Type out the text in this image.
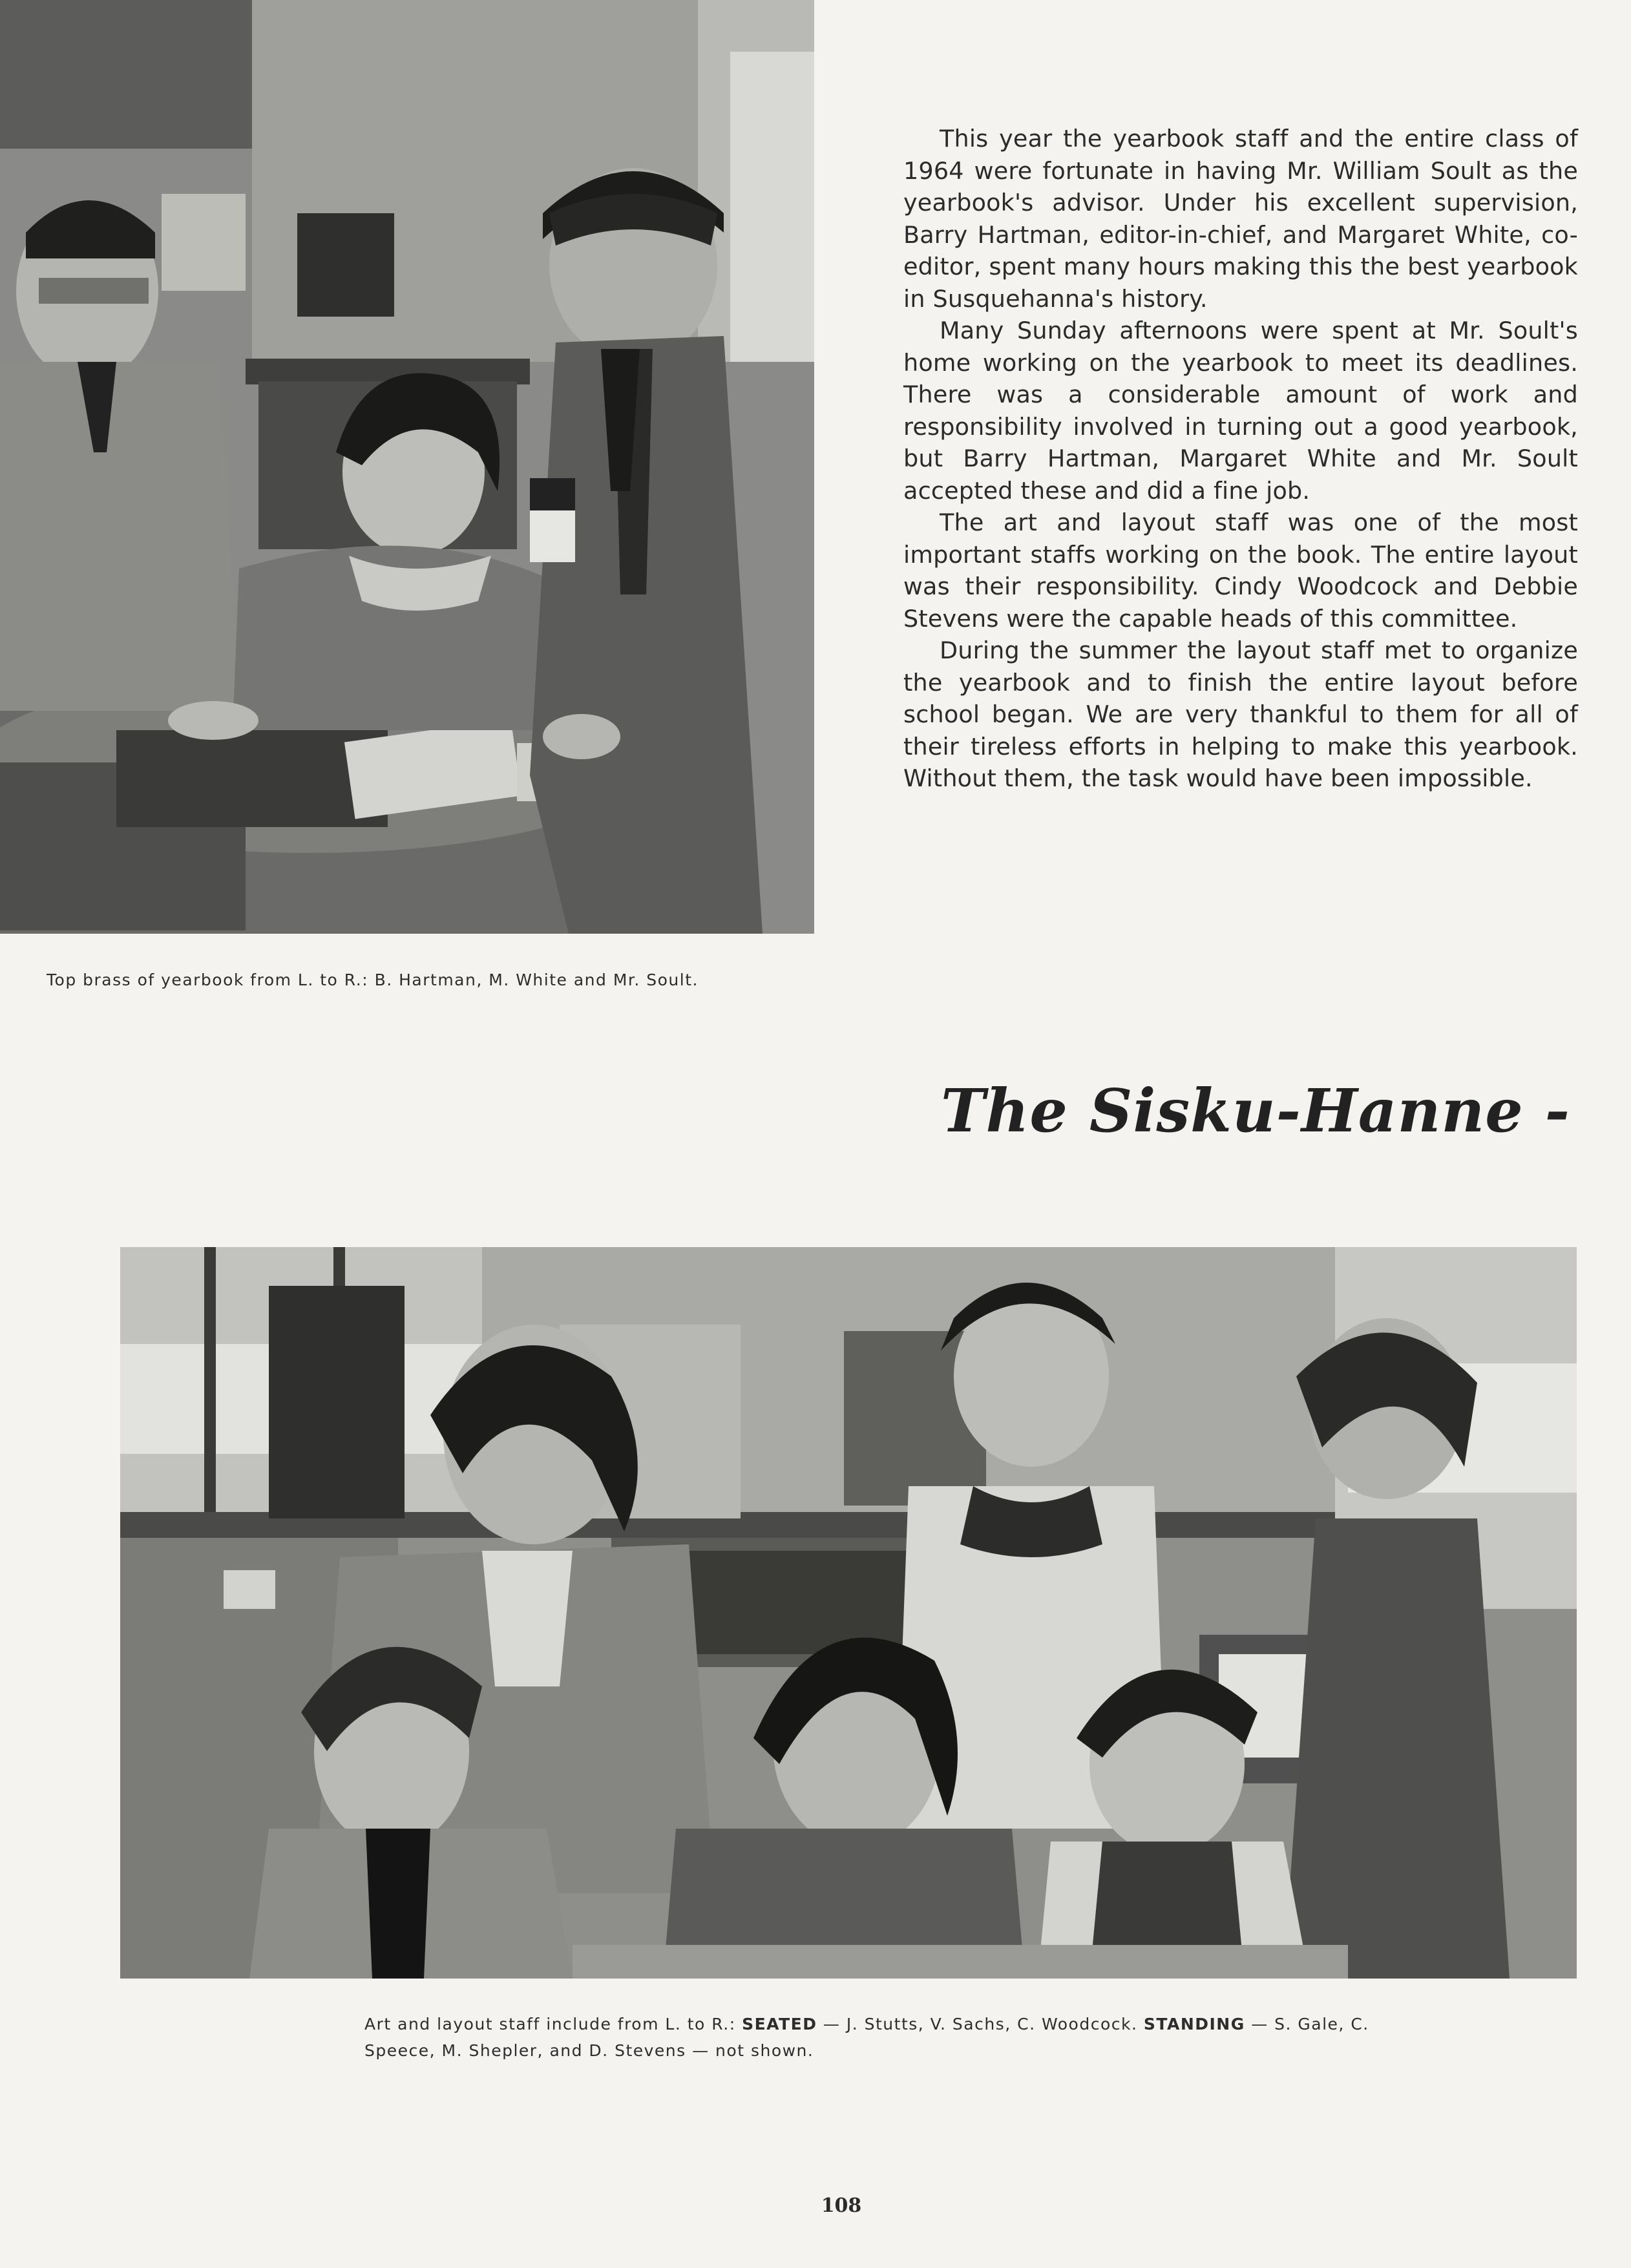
This year the yearbook staff and the entire class of 1964 were fortunate in having Mr. William Soult as the yearbook's advisor. Under his excellent supervision, Barry Hartman, editor-in-chief, and Margaret White, co-editor, spent many hours making this the best yearbook in Susquehanna's history.

Many Sunday afternoons were spent at Mr. Soult's home working on the yearbook to meet its deadlines. There was a considerable amount of work and responsibility involved in turning out a good yearbook, but Barry Hartman, Margaret White and Mr. Soult accepted these and did a fine job.

The art and layout staff was one of the most important staffs working on the book. The entire layout was their responsibility. Cindy Woodcock and Debbie Stevens were the capable heads of this committee.

During the summer the layout staff met to organize the yearbook and to finish the entire layout before school began. We are very thankful to them for all of their tireless efforts in helping to make this yearbook. Without them, the task would have been impossible.

Top brass of yearbook from L. to R.: B. Hartman, M. White and Mr. Soult.
The Sisku-Hanne -
Art and layout staff include from L. to R.: SEATED — J. Stutts, V. Sachs, C. Woodcock. STANDING — S. Gale, C. Speece, M. Shepler, and D. Stevens — not shown.
108
